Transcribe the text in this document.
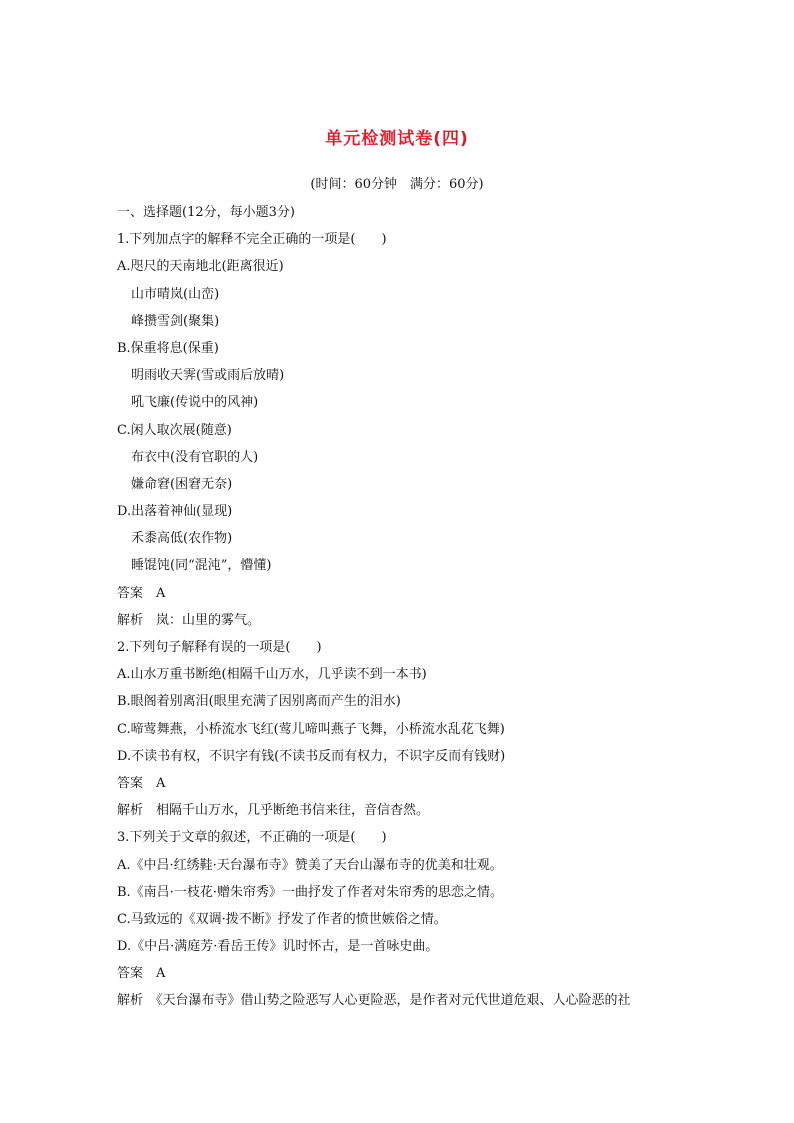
单元检测试卷(四)
(时间：60分钟　满分：60分)
一、选择题(12分，每小题3分)
1.下列加点字的解释不完全正确的一项是(　　)
A.咫尺的天南地北(距离很近)
山市晴岚(山峦)
峰攒雪剑(聚集)
B.保重将息(保重)
明雨收天霁(雪或雨后放晴)
吼飞廉(传说中的风神)
C.闲人取次展(随意)
布衣中(没有官职的人)
嫌命窘(困窘无奈)
D.出落着神仙(显现)
禾黍高低(农作物)
睡馄饨(同“混沌”，懵懂)
答案　A
解析　岚：山里的雾气。
2.下列句子解释有误的一项是(　　)
A.山水万重书断绝(相隔千山万水，几乎读不到一本书)
B.眼阁着别离泪(眼里充满了因别离而产生的泪水)
C.啼莺舞燕，小桥流水飞红(莺儿啼叫燕子飞舞，小桥流水乱花飞舞)
D.不读书有权，不识字有钱(不读书反而有权力，不识字反而有钱财)
答案　A
解析　相隔千山万水，几乎断绝书信来往，音信杳然。
3.下列关于文章的叙述，不正确的一项是(　　)
A.《中吕·红绣鞋·天台瀑布寺》赞美了天台山瀑布寺的优美和壮观。
B.《南吕·一枝花·赠朱帘秀》一曲抒发了作者对朱帘秀的思恋之情。
C.马致远的《双调·拨不断》抒发了作者的愤世嫉俗之情。
D.《中吕·满庭芳·看岳王传》讥时怀古，是一首咏史曲。
答案　A
解析　《天台瀑布寺》借山势之险恶写人心更险恶，是作者对元代世道危艰、人心险恶的社
